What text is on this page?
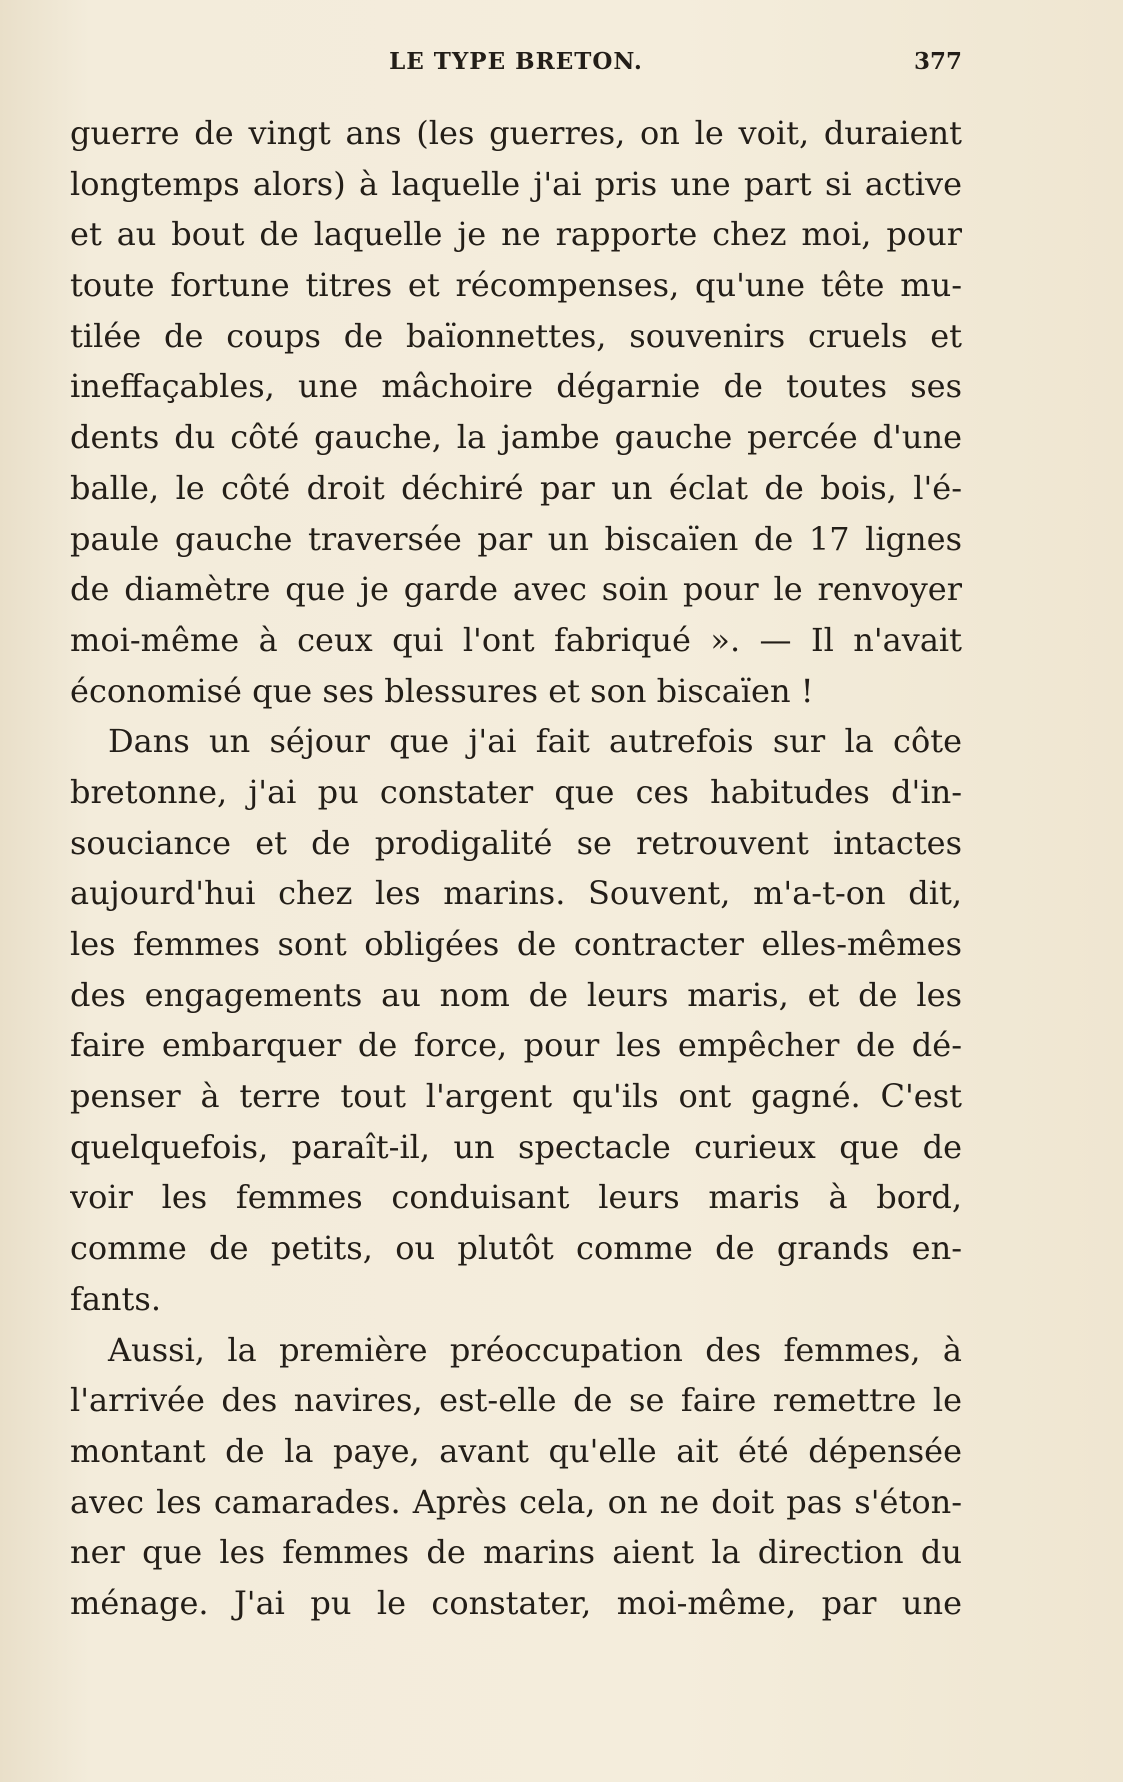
LE TYPE BRETON.	377
guerre de vingt ans (les guerres, on le voit, duraient
longtemps alors) à laquelle j'ai pris une part si active
et au bout de laquelle je ne rapporte chez moi, pour
toute fortune titres et récompenses, qu'une tête mu-
tilée de coups de baïonnettes, souvenirs cruels et
ineffaçables, une mâchoire dégarnie de toutes ses
dents du côté gauche, la jambe gauche percée d'une
balle, le côté droit déchiré par un éclat de bois, l'é-
paule gauche traversée par un biscaïen de 17 lignes
de diamètre que je garde avec soin pour le renvoyer
moi-même à ceux qui l'ont fabriqué ». — Il n'avait
économisé que ses blessures et son biscaïen !
Dans un séjour que j'ai fait autrefois sur la côte
bretonne, j'ai pu constater que ces habitudes d'in-
souciance et de prodigalité se retrouvent intactes
aujourd'hui chez les marins. Souvent, m'a-t-on dit,
les femmes sont obligées de contracter elles-mêmes
des engagements au nom de leurs maris, et de les
faire embarquer de force, pour les empêcher de dé-
penser à terre tout l'argent qu'ils ont gagné. C'est
quelquefois, paraît-il, un spectacle curieux que de
voir les femmes conduisant leurs maris à bord,
comme de petits, ou plutôt comme de grands en-
fants.
Aussi, la première préoccupation des femmes, à
l'arrivée des navires, est-elle de se faire remettre le
montant de la paye, avant qu'elle ait été dépensée
avec les camarades. Après cela, on ne doit pas s'éton-
ner que les femmes de marins aient la direction du
ménage. J'ai pu le constater, moi-même, par une
